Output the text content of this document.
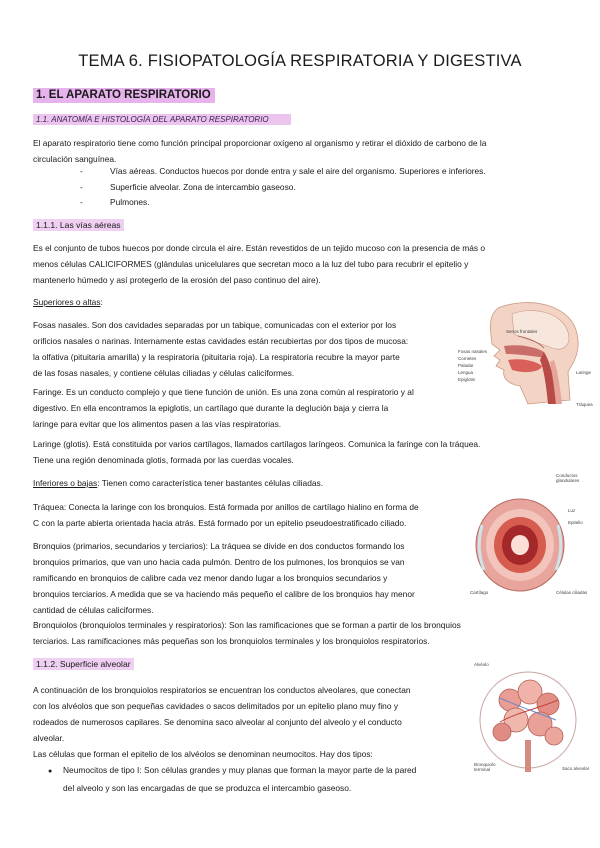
TEMA 6. FISIOPATOLOGÍA RESPIRATORIA Y DIGESTIVA
1. EL APARATO RESPIRATORIO
1.1. ANATOMÍA E HISTOLOGÍA DEL APARATO RESPIRATORIO
El aparato respiratorio tiene como función principal proporcionar oxígeno al organismo y retirar el dióxido de carbono de la
circulación sanguínea.
-	Vías aéreas. Conductos huecos por donde entra y sale el aire del organismo. Superiores e inferiores.
-	Superficie alveolar. Zona de intercambio gaseoso.
-	Pulmones.
1.1.1. Las vías aéreas
Es el conjunto de tubos huecos por donde circula el aire. Están revestidos de un tejido mucoso con la presencia de más o
menos células CALICIFORMES (glándulas unicelulares que secretan moco a la luz del tubo para recubrir el epitelio y
mantenerlo húmedo y así protegerlo de la erosión del paso continuo del aire).
Superiores o altas:
Fosas nasales. Son dos cavidades separadas por un tabique, comunicadas con el exterior por los
orificios nasales o narinas. Internamente estas cavidades están recubiertas por dos tipos de mucosa:
la olfativa (pituitaria amarilla) y la respiratoria (pituitaria roja). La respiratoria recubre la mayor parte
de las fosas nasales, y contiene células ciliadas y células caliciformes.
Faringe. Es un conducto complejo y que tiene función de unión. Es una zona común al respiratorio y al
digestivo. En ella encontramos la epiglotis, un cartílago que durante la deglución baja y cierra la
laringe para evitar que los alimentos pasen a las vías respiratorias.
Laringe (glotis). Está constituida por varios cartílagos, llamados cartílagos laríngeos. Comunica la faringe con la tráquea.
Tiene una región denominada glotis, formada por las cuerdas vocales.
Inferiores o bajas: Tienen como característica tener bastantes células ciliadas.
Tráquea: Conecta la laringe con los bronquios. Está formada por anillos de cartílago hialino en forma de
C con la parte abierta orientada hacia atrás. Está formado por un epitelio pseudoestratificado ciliado.
Bronquios (primarios, secundarios y terciarios): La tráquea se divide en dos conductos formando los
bronquios primarios, que van uno hacia cada pulmón. Dentro de los pulmones, los bronquios se van
ramificando en bronquios de calibre cada vez menor dando lugar a los bronquios secundarios y
bronquios terciarios. A medida que se va haciendo más pequeño el calibre de los bronquios hay menor
cantidad de células caliciformes.
Bronquiolos (bronquiolos terminales y respiratorios): Son las ramificaciones que se forman a partir de los bronquios
terciarios. Las ramificaciones más pequeñas son los bronquiolos terminales y los bronquiolos respiratorios.
1.1.2. Superficie alveolar
A continuación de los bronquiolos respiratorios se encuentran los conductos alveolares, que conectan
con los alvéolos que son pequeñas cavidades o sacos delimitados por un epitelio plano muy fino y
rodeados de numerosos capilares. Se denomina saco alveolar al conjunto del alveolo y el conducto
alveolar.
Las células que forman el epitelio de los alvéolos se denominan neumocitos. Hay dos tipos:
● Neumocitos de tipo I: Son células grandes y muy planas que forman la mayor parte de la pared
del alveolo y son las encargadas de que se produzca el intercambio gaseoso.
Senos frontales
Fosas nasales
Cornetes
Paladar
Lengua
Epiglotis
Laringe
Tráquea
Conductos glandulares
Luz
Epitelio
Cartílago	Células ciliadas
Alvéolo
Bronquiolo terminal	Saco alveolar
